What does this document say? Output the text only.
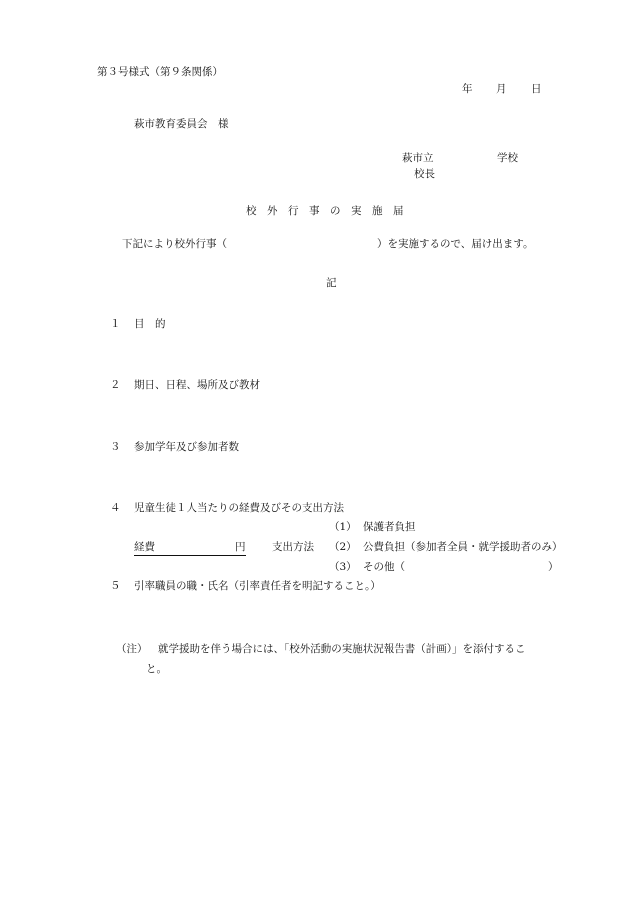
第３号様式（第９条関係）
年 月 日
萩市教育委員会　様
萩市立	学校
校長
校　外　行　事　の　実　施　届
下記により校外行事（	）を実施するので、届け出ます。
記
１ 目　的
２ 期日、日程、場所及び教材
３ 参加学年及び参加者数
４ 児童生徒１人当たりの経費及びその支出方法
（1） 保護者負担
経費	円	支出方法 （2） 公費負担（参加者全員・就学援助者のみ）
（3） その他（	）
５ 引率職員の職・氏名（引率責任者を明記すること。）
（注） 就学援助を伴う場合には、「校外活動の実施状況報告書（計画）」を添付するこ
と。
